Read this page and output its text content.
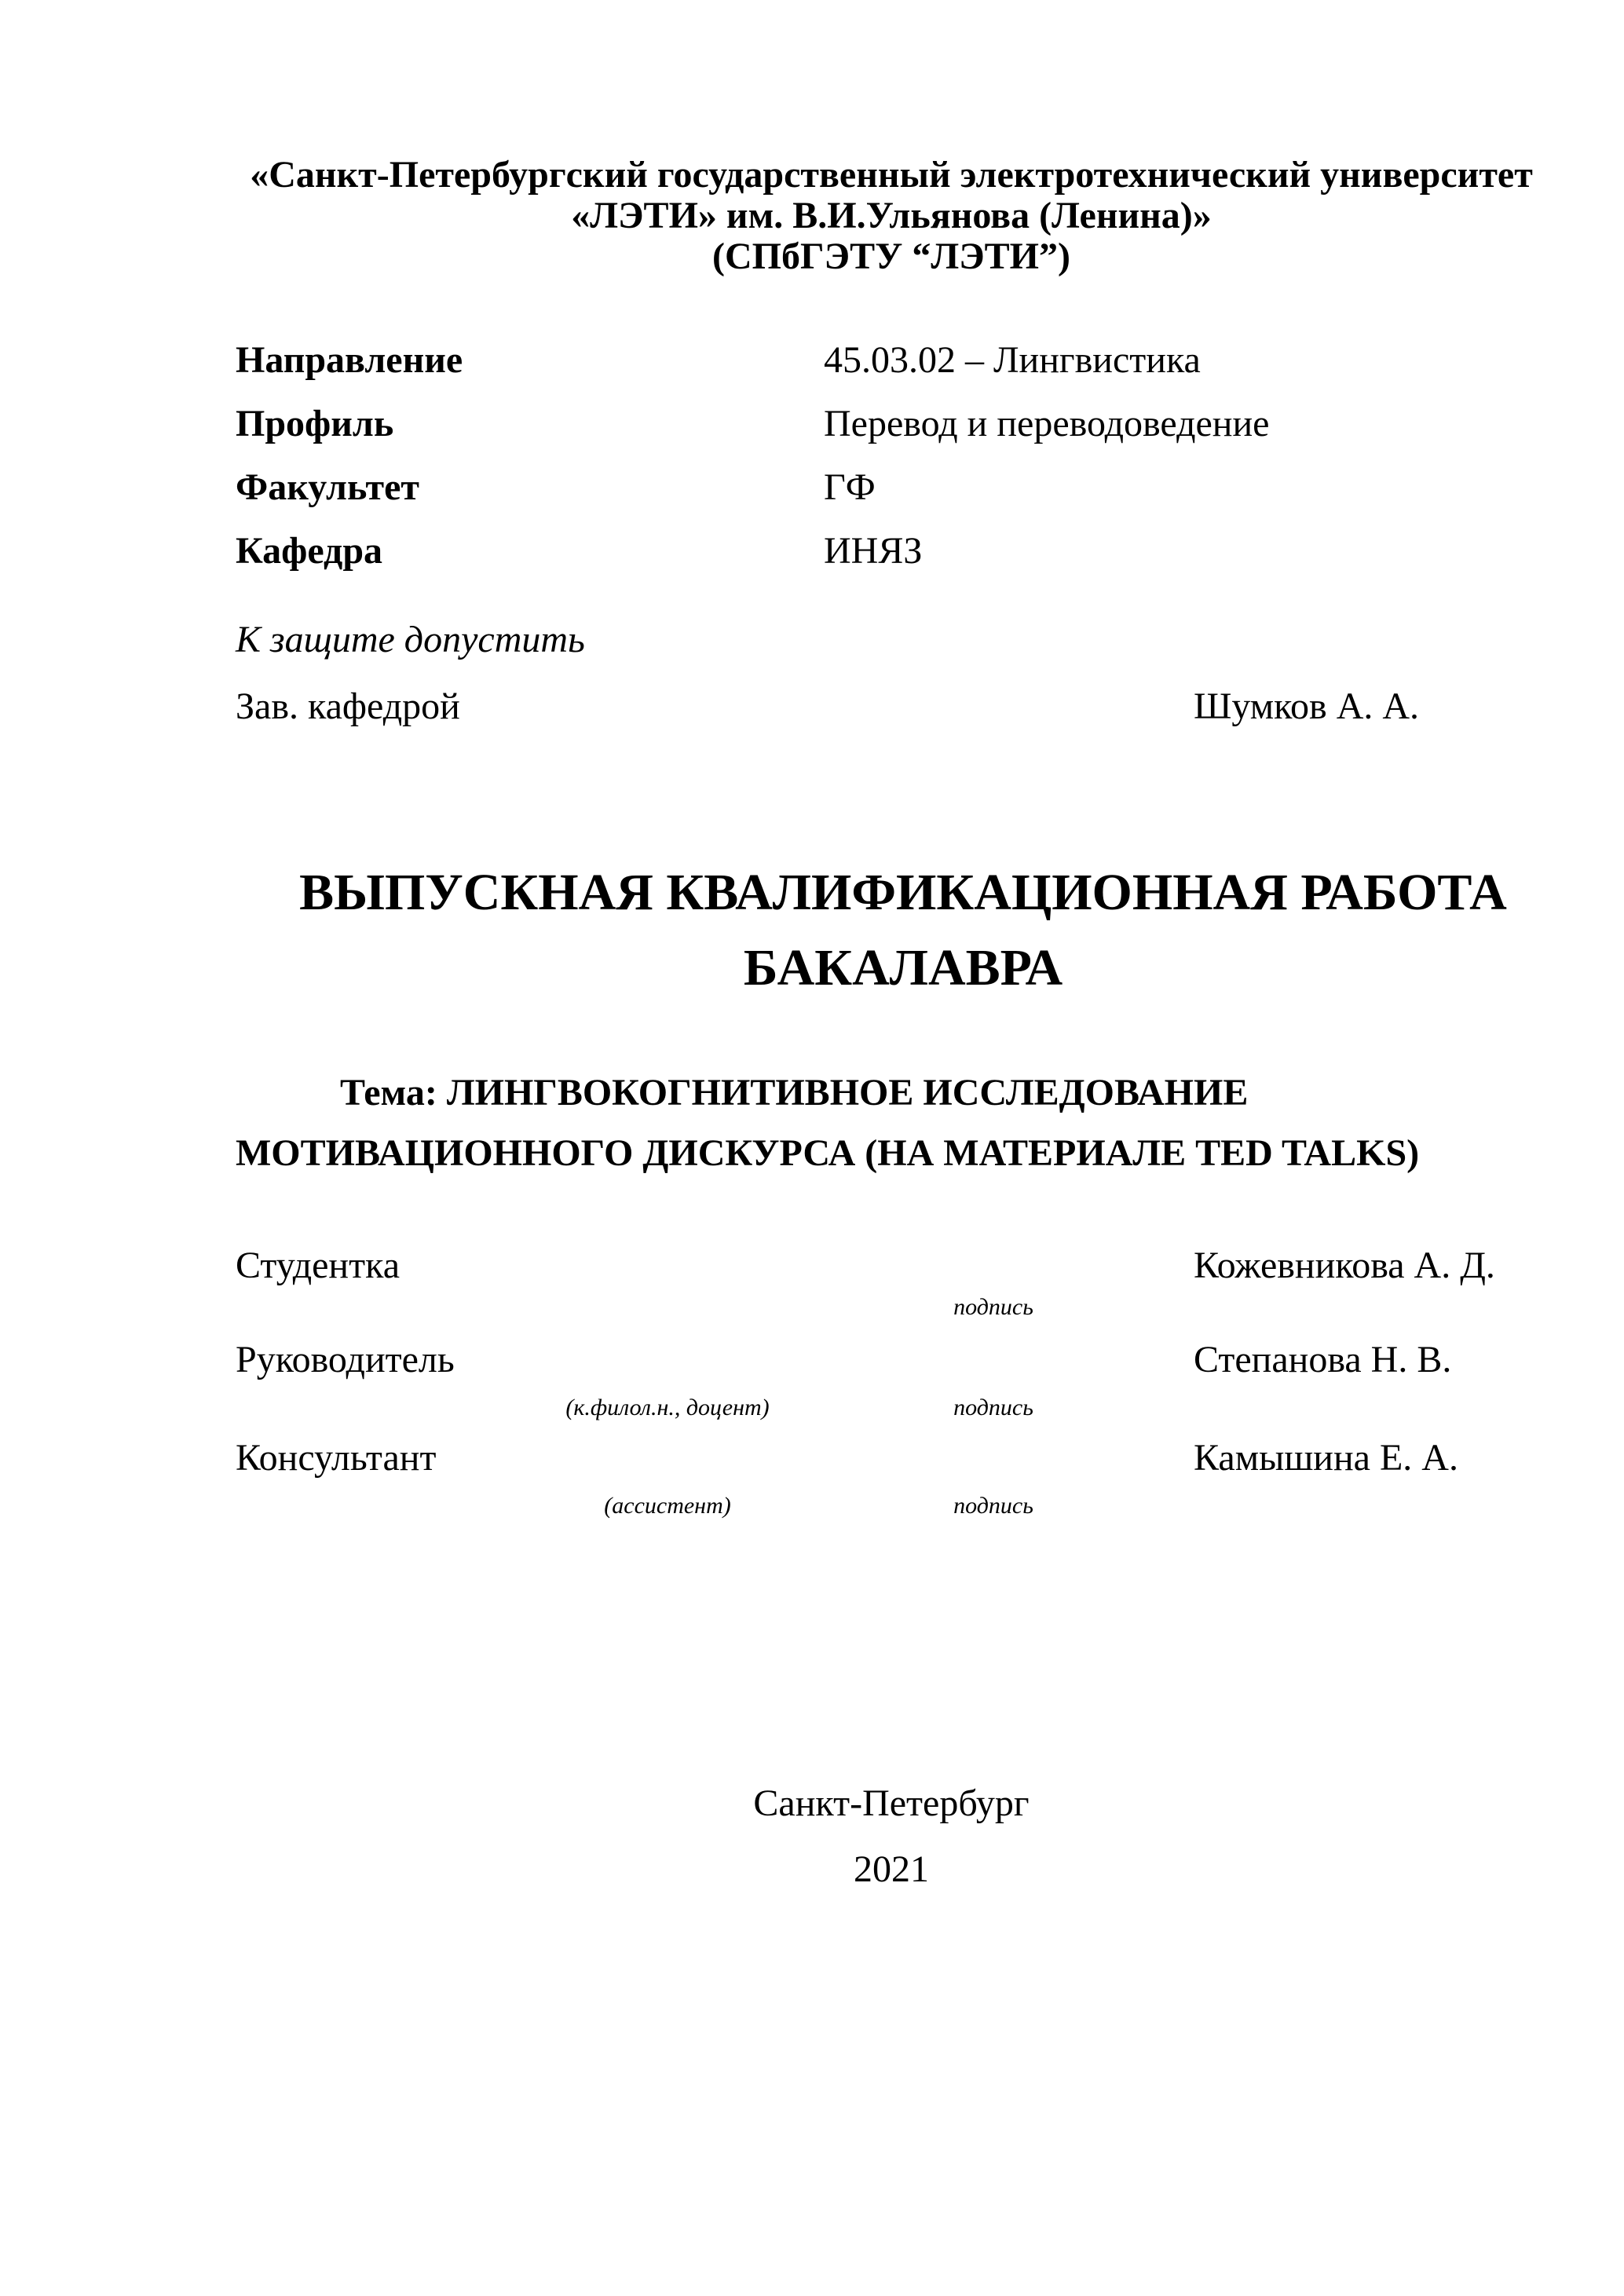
«Санкт-Петербургский государственный электротехнический университет
«ЛЭТИ» им. В.И.Ульянова (Ленина)»
(СПбГЭТУ “ЛЭТИ”)
Направление	45.03.02 – Лингвистика
Профиль	Перевод и переводоведение
Факультет	ГФ
Кафедра	ИНЯЗ
К защите допустить
Зав. кафедрой	Шумков А. А.
ВЫПУСКНАЯ КВАЛИФИКАЦИОННАЯ РАБОТА
БАКАЛАВРА
Тема: ЛИНГВОКОГНИТИВНОЕ ИССЛЕДОВАНИЕ
МОТИВАЦИОННОГО ДИСКУРСА (НА МАТЕРИАЛЕ TED TALKS)
Студентка	Кожевникова А. Д.
подпись
Руководитель	Степанова Н. В.
(к.филол.н., доцент)	подпись
Консультант	Камышина Е. А.
(ассистент)	подпись
Санкт-Петербург
2021
